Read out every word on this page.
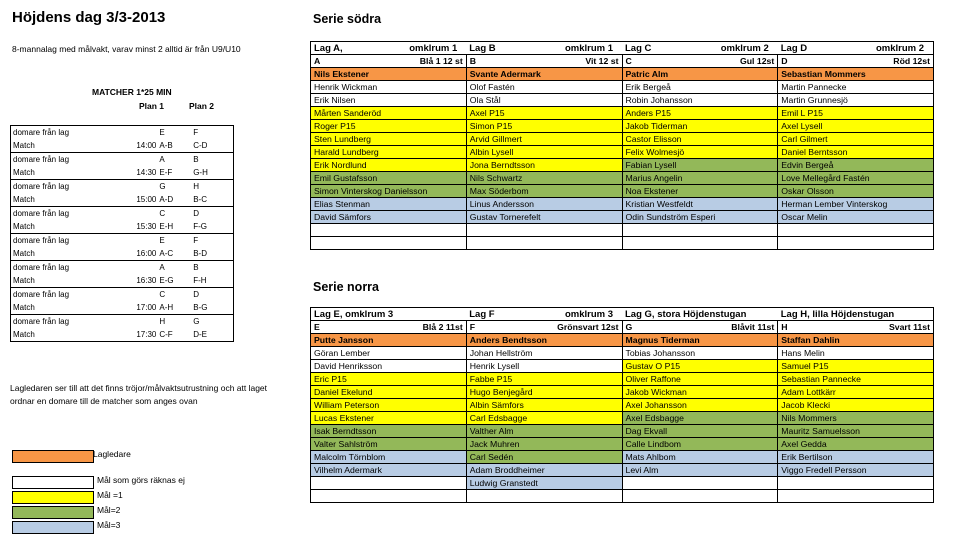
Höjdens dag 3/3-2013
8-mannalag med målvakt, varav minst 2 alltid är från U9/U10
MATCHER 1*25 MIN
Plan 1	Plan 2
domare från lag		E	F
Match	14:00	A-B	C-D
domare från lag		A	B
Match	14:30	E-F	G-H
domare från lag		G	H
Match	15:00	A-D	B-C
domare från lag		C	D
Match	15:30	E-H	F-G
domare från lag		E	F
Match	16:00	A-C	B-D
domare från lag		A	B
Match	16:30	E-G	F-H
domare från lag		C	D
Match	17:00	A-H	B-G
domare från lag		H	G
Match	17:30	C-F	D-E
Lagledaren ser till att det finns tröjor/målvaktsutrustning och att laget ordnar en domare till de matcher som anges ovan
Lagledare
Mål som görs räknas ej
Mål =1
Mål=2
Mål=3
Serie södra
Lag A, omklrum 1	Lag B omklrum 1	Lag C omklrum 2	Lag D omklrum 2

A Blå 1 12 st	B Vit 12 st	C Gul 12st	D Röd 12st

Nils Ekstener	Svante Adermark	Patric Alm	Sebastian Mommers
Henrik Wickman	Olof Fastén	Erik Bergeå	Martin Pannecke
Erik Nilsen	Ola Stål	Robin Johansson	Martin Grunnesjö
Mårten Sanderöd	Axel P15	Anders P15	Emil L P15
Roger P15	Simon P15	Jakob Tiderman	Axel Lysell
Sten Lundberg	Arvid Gillmert	Castor Elisson	Carl Gilmert
Harald Lundberg	Albin Lysell	Felix Wolmesjö	Daniel Berntsson
Erik Nordlund	Jona Berndtsson	Fabian Lysell	Edvin Bergeå
Emil Gustafsson	Nils Schwartz	Marius Angelin	Love Mellegård Fastén
Simon Vinterskog Danielsson	Max Söderbom	Noa Ekstener	Oskar Olsson
Elias Stenman	Linus Andersson	Kristian Westfeldt	Herman Lember Vinterskog
David Sämfors	Gustav Tornerefelt	Odin Sundström Esperi	Oscar Melin

Serie norra
Lag E, omklrum 3	Lag F omklrum 3	Lag G, stora Höjdenstugan	Lag H, lilla Höjdenstugan
E Blå 2 11st	F Grönsvart 12st	G Blåvit 11st	H Svart 11st

Putte Jansson	Anders Bendtsson	Magnus Tiderman	Staffan Dahlin
Göran Lember	Johan Hellström	Tobias Johansson	Hans Melin
David Henriksson	Henrik Lysell	Gustav O P15	Samuel P15
Eric P15	Fabbe P15	Oliver Raffone	Sebastian Pannecke
Daniel Ekelund	Hugo Benjegård	Jakob Wickman	Adam Lottkärr
William Peterson	Albin Sämfors	Axel Johansson	Jacob Klecki
Lucas Ekstener	Carl Edsbagge	Axel Edsbagge	Nils Mommers
Isak Berndtsson	Valther Alm	Dag Ekvall	Mauritz Samuelsson
Valter Sahlström	Jack Muhren	Calle Lindbom	Axel Gedda
Malcolm Törnblom	Carl Sedén	Mats Ahlbom	Erik Bertilson
Vilhelm Adermark	Adam Broddheimer	Levi Alm	Viggo Fredell Persson
	Ludwig Granstedt		
